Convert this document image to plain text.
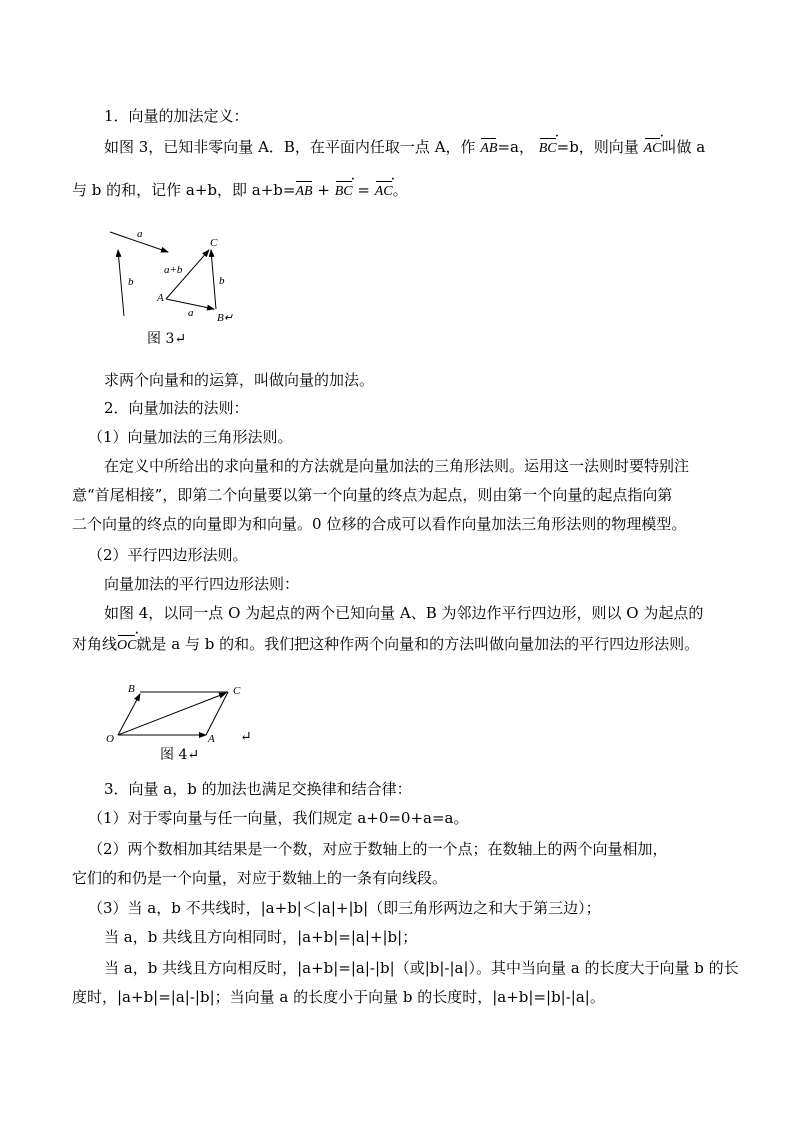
1．向量的加法定义：
如图 3，已知非零向量 A．B，在平面内任取一点 A，作 AB=a， BC ·=b，则向量 AC ·叫做 a
与 b 的和，记作 a+b，即 a+b=AB + BC · = AC ·。
a
b
a+b
b
a
A
B↵
C
图 3↵
求两个向量和的运算，叫做向量的加法。
2．向量加法的法则：
（1）向量加法的三角形法则。
在定义中所给出的求向量和的方法就是向量加法的三角形法则。运用这一法则时要特别注
意“首尾相接”，即第二个向量要以第一个向量的终点为起点，则由第一个向量的起点指向第
二个向量的终点的向量即为和向量。0 位移的合成可以看作向量加法三角形法则的物理模型。
（2）平行四边形法则。
向量加法的平行四边形法则：
如图 4，以同一点 O 为起点的两个已知向量 A、B 为邻边作平行四边形，则以 O 为起点的
对角线OC ·就是 a 与 b 的和。我们把这种作两个向量和的方法叫做向量加法的平行四边形法则。
B	C
O	A ↵
图 4↵
3．向量 a，b 的加法也满足交换律和结合律：
（1）对于零向量与任一向量，我们规定 a+0=0+a=a。
（2）两个数相加其结果是一个数，对应于数轴上的一个点；在数轴上的两个向量相加，
它们的和仍是一个向量，对应于数轴上的一条有向线段。
（3）当 a，b 不共线时，|a+b|＜|a|+|b|（即三角形两边之和大于第三边）；
当 a，b 共线且方向相同时，|a+b|=|a|+|b|；
当 a，b 共线且方向相反时，|a+b|=|a|-|b|（或|b|-|a|）。其中当向量 a 的长度大于向量 b 的长
度时，|a+b|=|a|-|b|；当向量 a 的长度小于向量 b 的长度时，|a+b|=|b|-|a|。
